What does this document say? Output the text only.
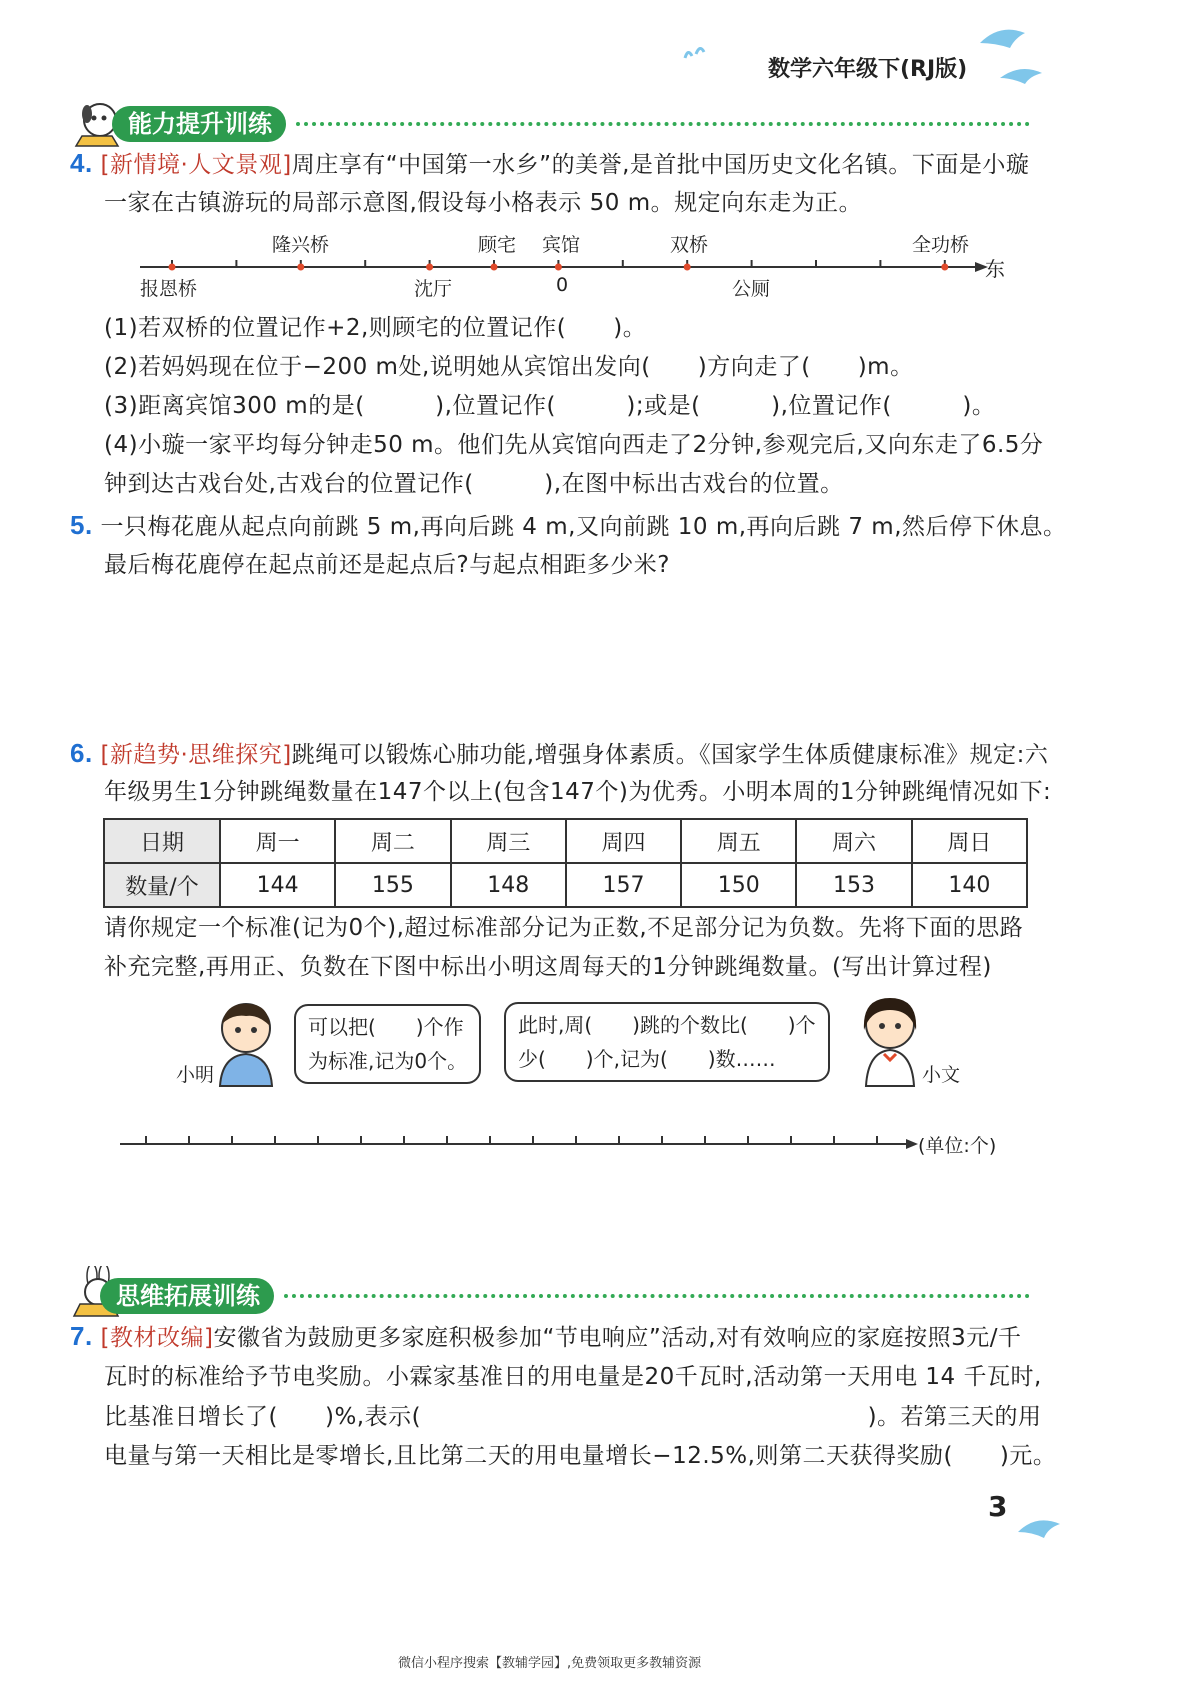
数学六年级下(RJ版)
能力提升训练
4. [新情境·人文景观]周庄享有“中国第一水乡”的美誉,是首批中国历史文化名镇。下面是小璇
一家在古镇游玩的局部示意图,假设每小格表示 50 m。规定向东走为正。
东
隆兴桥	顾宅 宾馆	双桥	全功桥
报恩桥	沈厅	0	公厕
(1)若双桥的位置记作+2,则顾宅的位置记作(　　)。
(2)若妈妈现在位于−200 m处,说明她从宾馆出发向(　　)方向走了(　　)m。
(3)距离宾馆300 m的是(　　　),位置记作(　　　);或是(　　　),位置记作(　　　)。
(4)小璇一家平均每分钟走50 m。他们先从宾馆向西走了2分钟,参观完后,又向东走了6.5分
钟到达古戏台处,古戏台的位置记作(　　　),在图中标出古戏台的位置。
5. 一只梅花鹿从起点向前跳 5 m,再向后跳 4 m,又向前跳 10 m,再向后跳 7 m,然后停下休息。
最后梅花鹿停在起点前还是起点后?与起点相距多少米?
6. [新趋势·思维探究]跳绳可以锻炼心肺功能,增强身体素质。《国家学生体质健康标准》规定:六
年级男生1分钟跳绳数量在147个以上(包含147个)为优秀。小明本周的1分钟跳绳情况如下:
日期	周一	周二	周三	周四	周五	周六	周日
数量/个	144	155	148	157	150	153	140
请你规定一个标准(记为0个),超过标准部分记为正数,不足部分记为负数。先将下面的思路
补充完整,再用正、负数在下图中标出小明这周每天的1分钟跳绳数量。(写出计算过程)
小明
可以把(　　)个作
为标准,记为0个。
此时,周(　　)跳的个数比(　　)个
少(　　)个,记为(　　)数……
小文
(单位:个)
思维拓展训练
7. [教材改编]安徽省为鼓励更多家庭积极参加“节电响应”活动,对有效响应的家庭按照3元/千
瓦时的标准给予节电奖励。小霖家基准日的用电量是20千瓦时,活动第一天用电 14 千瓦时,
比基准日增长了(　　)%,表示(　　　　　　　　　　　　　　　　　　　)。若第三天的用
电量与第一天相比是零增长,且比第二天的用电量增长−12.5%,则第二天获得奖励(　　)元。
3
微信小程序搜索【教辅学园】,免费领取更多教辅资源
